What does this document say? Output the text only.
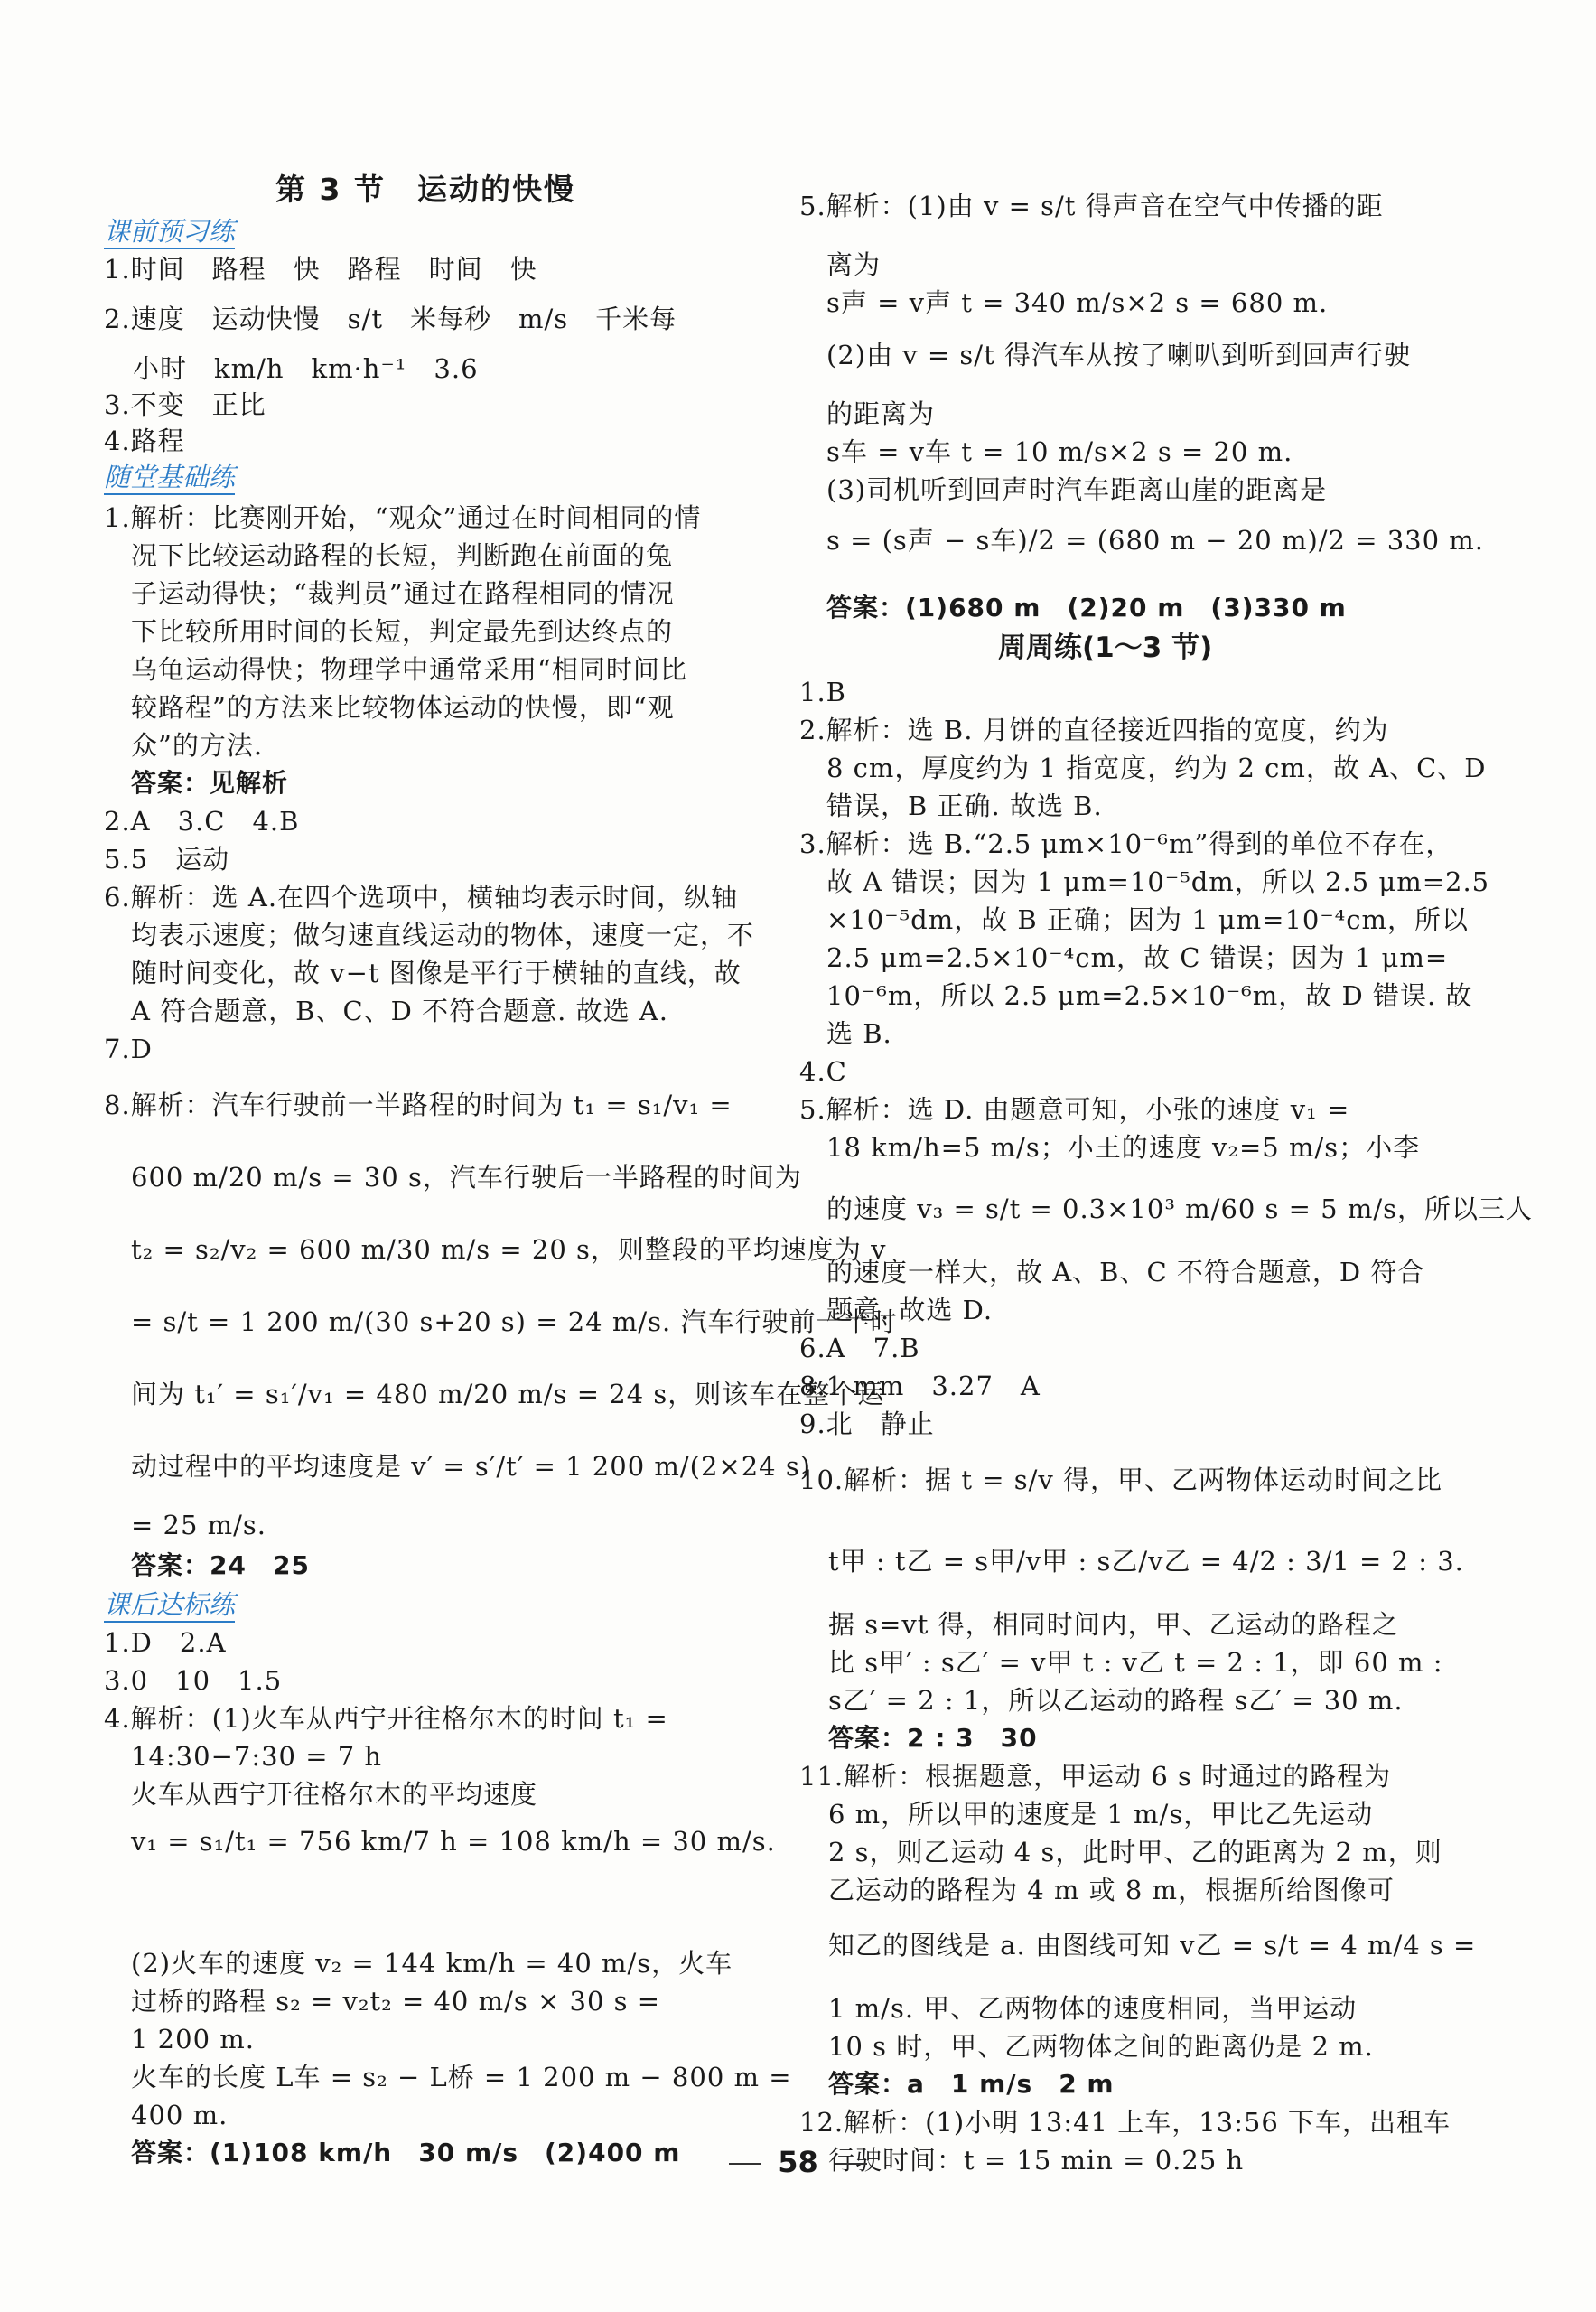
第 3 节　运动的快慢
课前预习练
1.时间　路程　快　路程　时间　快
2.速度　运动快慢　s/t　米每秒　m/s　千米每
小时　km/h　km·h⁻¹　3.6
3.不变　正比
4.路程
随堂基础练
1.解析：比赛刚开始，“观众”通过在时间相同的情
况下比较运动路程的长短，判断跑在前面的兔
子运动得快；“裁判员”通过在路程相同的情况
下比较所用时间的长短，判定最先到达终点的
乌龟运动得快；物理学中通常采用“相同时间比
较路程”的方法来比较物体运动的快慢，即“观
众”的方法.
答案：见解析
2.A　3.C　4.B
5.5　运动
6.解析：选 A.在四个选项中，横轴均表示时间，纵轴
均表示速度；做匀速直线运动的物体，速度一定，不
随时间变化，故 v−t 图像是平行于横轴的直线，故
A 符合题意，B、C、D 不符合题意. 故选 A.
7.D
8.解析：汽车行驶前一半路程的时间为 t₁ = s₁/v₁ =
600 m/20 m/s = 30 s，汽车行驶后一半路程的时间为
t₂ = s₂/v₂ = 600 m/30 m/s = 20 s，则整段的平均速度为 v
= s/t = 1 200 m/(30 s+20 s) = 24 m/s. 汽车行驶前一半时
间为 t₁′ = s₁′/v₁ = 480 m/20 m/s = 24 s，则该车在整个运
动过程中的平均速度是 v′ = s′/t′ = 1 200 m/(2×24 s)
= 25 m/s.
答案：24　25
课后达标练
1.D　2.A
3.0　10　1.5
4.解析：(1)火车从西宁开往格尔木的时间 t₁ =
14:30−7:30 = 7 h
火车从西宁开往格尔木的平均速度
v₁ = s₁/t₁ = 756 km/7 h = 108 km/h = 30 m/s.
(2)火车的速度 v₂ = 144 km/h = 40 m/s，火车
过桥的路程 s₂ = v₂t₂ = 40 m/s × 30 s =
1 200 m.
火车的长度 L车 = s₂ − L桥 = 1 200 m − 800 m =
400 m.
答案：(1)108 km/h　30 m/s　(2)400 m
5.解析：(1)由 v = s/t 得声音在空气中传播的距
离为
s声 = v声 t = 340 m/s×2 s = 680 m.
(2)由 v = s/t 得汽车从按了喇叭到听到回声行驶
的距离为
s车 = v车 t = 10 m/s×2 s = 20 m.
(3)司机听到回声时汽车距离山崖的距离是
s = (s声 − s车)/2 = (680 m − 20 m)/2 = 330 m.
答案：(1)680 m　(2)20 m　(3)330 m
周周练(1～3 节)
1.B
2.解析：选 B. 月饼的直径接近四指的宽度，约为
8 cm，厚度约为 1 指宽度，约为 2 cm，故 A、C、D
错误，B 正确. 故选 B.
3.解析：选 B.“2.5 μm×10⁻⁶m”得到的单位不存在，
故 A 错误；因为 1 μm=10⁻⁵dm，所以 2.5 μm=2.5
×10⁻⁵dm，故 B 正确；因为 1 μm=10⁻⁴cm，所以
2.5 μm=2.5×10⁻⁴cm，故 C 错误；因为 1 μm=
10⁻⁶m，所以 2.5 μm=2.5×10⁻⁶m，故 D 错误. 故
选 B.
4.C
5.解析：选 D. 由题意可知，小张的速度 v₁ =
18 km/h=5 m/s；小王的速度 v₂=5 m/s；小李
的速度 v₃ = s/t = 0.3×10³ m/60 s = 5 m/s，所以三人
的速度一样大，故 A、B、C 不符合题意，D 符合
题意. 故选 D.
6.A　7.B
8.1 mm　3.27　A
9.北　静止
10.解析：据 t = s/v 得，甲、乙两物体运动时间之比
t甲 : t乙 = s甲/v甲 : s乙/v乙 = 4/2 : 3/1 = 2 : 3.
据 s=vt 得，相同时间内，甲、乙运动的路程之
比 s甲′ : s乙′ = v甲 t : v乙 t = 2 : 1，即 60 m :
s乙′ = 2 : 1，所以乙运动的路程 s乙′ = 30 m.
答案：2 : 3　30
11.解析：根据题意，甲运动 6 s 时通过的路程为
6 m，所以甲的速度是 1 m/s，甲比乙先运动
2 s，则乙运动 4 s，此时甲、乙的距离为 2 m，则
乙运动的路程为 4 m 或 8 m，根据所给图像可
知乙的图线是 a. 由图线可知 v乙 = s/t = 4 m/4 s =
1 m/s. 甲、乙两物体的速度相同，当甲运动
10 s 时，甲、乙两物体之间的距离仍是 2 m.
答案：a　1 m/s　2 m
12.解析：(1)小明 13:41 上车，13:56 下车，出租车
行驶时间：t = 15 min = 0.25 h
58
